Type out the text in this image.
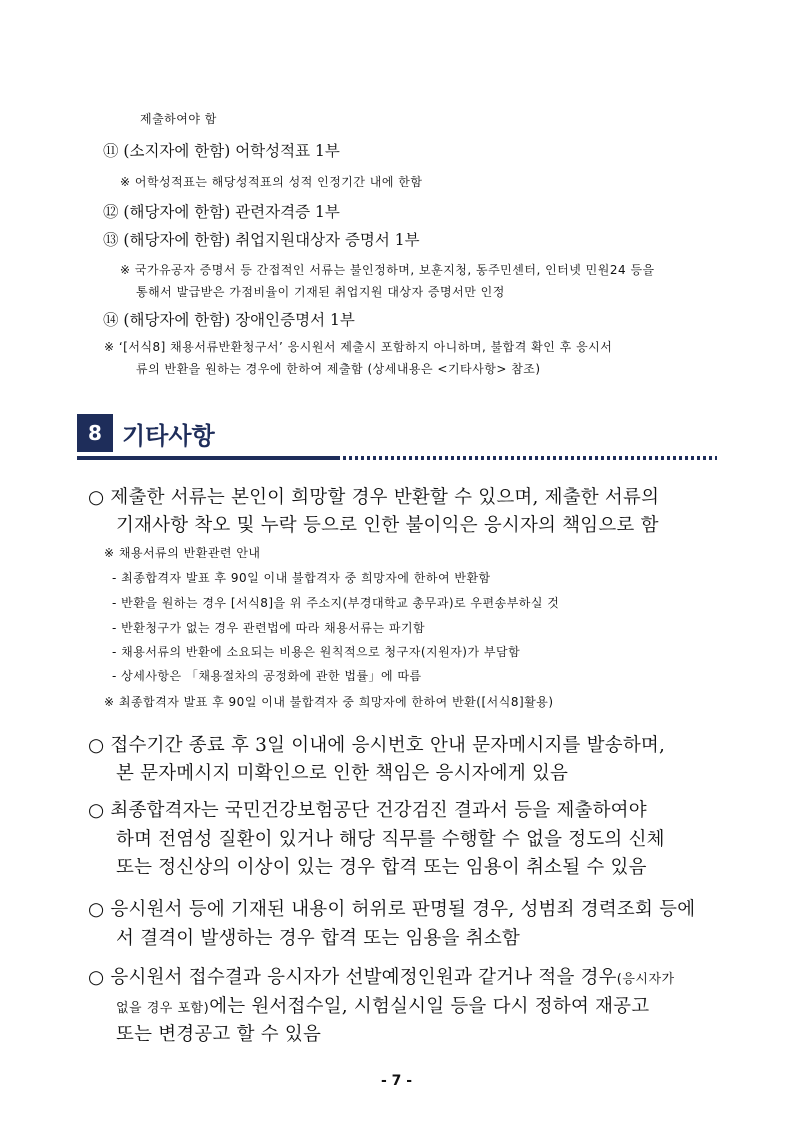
제출하여야 함
⑪ (소지자에 한함) 어학성적표 1부
※ 어학성적표는 해당성적표의 성적 인정기간 내에 한함
⑫ (해당자에 한함) 관련자격증 1부
⑬ (해당자에 한함) 취업지원대상자 증명서 1부
※ 국가유공자 증명서 등 간접적인 서류는 불인정하며, 보훈지청, 동주민센터, 인터넷 민원24 등을
통해서 발급받은 가점비율이 기재된 취업지원 대상자 증명서만 인정
⑭ (해당자에 한함) 장애인증명서 1부
※ ‘[서식8] 채용서류반환청구서’ 응시원서 제출시 포함하지 아니하며, 불합격 확인 후 응시서
류의 반환을 원하는 경우에 한하여 제출함 (상세내용은 <기타사항> 참조)
8 기타사항
○ 제출한 서류는 본인이 희망할 경우 반환할 수 있으며, 제출한 서류의
기재사항 착오 및 누락 등으로 인한 불이익은 응시자의 책임으로 함
※ 채용서류의 반환관련 안내
- 최종합격자 발표 후 90일 이내 불합격자 중 희망자에 한하여 반환함
- 반환을 원하는 경우 [서식8]을 위 주소지(부경대학교 총무과)로 우편송부하실 것
- 반환청구가 없는 경우 관련법에 따라 채용서류는 파기함
- 채용서류의 반환에 소요되는 비용은 원칙적으로 청구자(지원자)가 부담함
- 상세사항은 「채용절차의 공정화에 관한 법률」에 따름
※ 최종합격자 발표 후 90일 이내 불합격자 중 희망자에 한하여 반환([서식8]활용)
○ 접수기간 종료 후 3일 이내에 응시번호 안내 문자메시지를 발송하며,
본 문자메시지 미확인으로 인한 책임은 응시자에게 있음
○ 최종합격자는 국민건강보험공단 건강검진 결과서 등을 제출하여야
하며 전염성 질환이 있거나 해당 직무를 수행할 수 없을 정도의 신체
또는 정신상의 이상이 있는 경우 합격 또는 임용이 취소될 수 있음
○ 응시원서 등에 기재된 내용이 허위로 판명될 경우, 성범죄 경력조회 등에
서 결격이 발생하는 경우 합격 또는 임용을 취소함
○ 응시원서 접수결과 응시자가 선발예정인원과 같거나 적을 경우(응시자가
없을 경우 포함)에는 원서접수일, 시험실시일 등을 다시 정하여 재공고
또는 변경공고 할 수 있음
- 7 -
